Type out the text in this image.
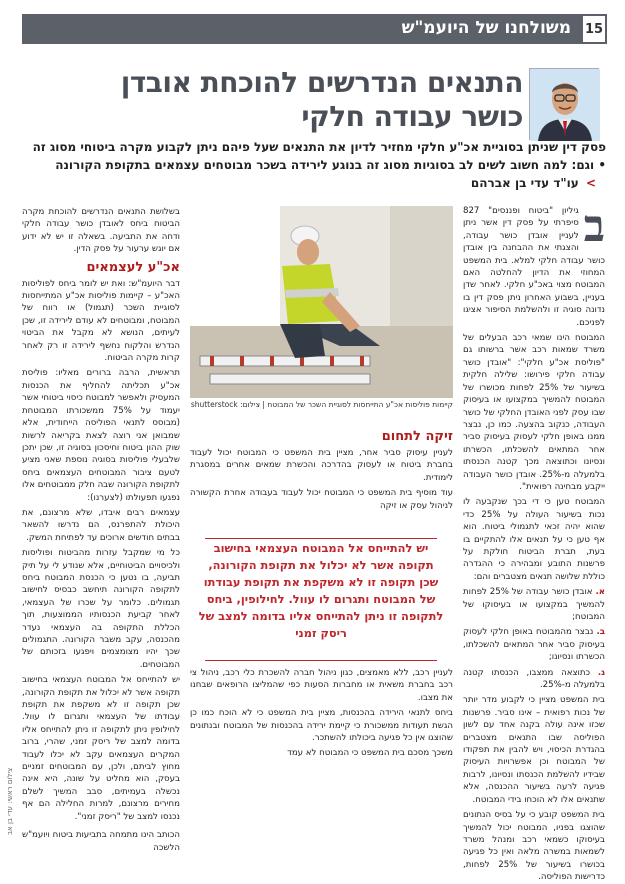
15
משולחנו של היועמ"ש
התנאים הנדרשים להוכחת אובדן כושר עבודה חלקי
פסק דין שניתן בסוגיית אכ"ע חלקי מחזיר לדיון את התנאים שעל פיהם ניתן לקבוע מקרה ביטוחי מסוג זה • וגם: למה חשוב לשים לב בסוגיות מסוג זה בנוגע לירידה בשכר מבוטחים עצמאים בתקופת הקורונה
> עו"ד עדי בן אברהם
ב

גיליון "ביטוח ופננסים" 827 סיפרתי על פסק דין אשר ניתן לעניין אובדן כושר עבודה, והצגתי את ההבחנה בין אובדן כושר עבודה חלקי למלא. בית המשפט המחוזי את הדיון להחלטה האם המבוטח מצוי באכ"ע חלקי. לאחר שדן בעניין, בשבוע האחרון ניתן פסק דין בו נדונה סוגיה זו ולהשלמת הסיפור אציגו לפניכם.

המבוטח הינו שמאי רכב הבעלים של משרד שמאות רכב אשר ברשותו גם "פוליסת אכ"ע חלקי": "אובדן כושר עבודה חלקי פירושו: שלילה חלקית בשיעור של 25% לפחות מכושרו של המבוטח להמשיך במקצועו או בעיסוק שבו עסק לפני האובדן החלקי של כושר העבודה, כנקוב בהצעה. כמו כן, נבצר ממנו באופן חלקי לעסוק בעיסוק סביר אחר המתאים להשכלתו, הכשרתו ונסיונו וכתוצאה מכך קטנה הכנסתו בלמעלה מ-25%. אובדן כושר העבודה ייקבע מבחינה רפואית".

המבוטח טען כי די בכך שנקבעה לו נכות בשיעור העולה על 25% כדי שהוא יהיה זכאי לתגמולי ביטוח. הוא אף טען כי על תנאים אלו להתקיים בו בעת, תברת הביטוח חולקת על פרשנות התובע ומבהירה כי ההגדרה כוללת שלושה תנאים מצטברים והם:

א. אובדן כושר עבודה של 25% לפחות להמשיך במקצועו או בעיסוקו של המבוטח;

ב. נבצר מהמבוטח באופן חלקי לעסוק בעיסוק סביר אחר המתאים להשכלתו, הכשרתו ונסיונו;

ג. כתוצאה ממצבו, הכנסתו קטנה בלמעלה מ-25%.

בית המשפט מציין כי לקבוע מדר יותר של נכות רפואית – אינו סביר. פרשנות שכזו אינה עולה בקנה אחד עם לשון הפוליסה שבו התנאים מצטברים בהגדרת הכיסוי, ויש להבין את תפקודו של המבוטח וכן אפשרויות העיסוק שבידיו להשלמת הכנסתו ונסיונו, לרבות פגיעה לרעה בשיעור ההכנסה, אלא שתנאים אלו לא הוכחו בידי המבוטח.

בית המשפט קובע כי על בסיס הנתונים שהוצגו בפניו, המבוטח יכול להמשיך בעיסוקו כשמאי רכב ומנהל משרד לשמאות במשרה מלאה ואין כל פגיעה בכושרו בשיעור של 25% לפחות, כדרישות הפוליסה.

קיימות פוליסות אכ"ע התייחסות לסוגיית השכר של המבוטח | צילום: shutterstock
זיקה לתחום

לעניין עיסוק סביר אחר, מציין בית המשפט כי המבוטח יכול לעבוד בחברת ביטוח או לעסוק בהדרכה והכשרת שמאים אחרים במסגרת לימודית.

עוד מוסיף בית המשפט כי המבוטח יכול לעבוד בעבודה אחרת הקשורה לניהול עסק או זיקה

יש להתייחס אל המבוטח העצמאי בחישוב תקופה אשר לא יכלול את תקופת הקורונה, שכן תקופה זו לא משקפת את תקופת עבודתו של המבוטח ותגרום לו עוול. לחילופין, ביחס לתקופה זו ניתן להתייחס אליו בדומה למצב של ריסק זמני

לעניין רכב, ללא מאמצים, כגון ניהול חברה להשכרת כלי רכב, ניהול צי רכב בחברת משאית או מחברות הסעות כפי שהמליצו הרופאים שבחנו את מצבו.

ביחס לתנאי הירידה בהכנסות, מציין בית המשפט כי לא הוכח כמו כן הגשת תעודות ממשכורת כי קיימת ירידה בהכנסות של המבוטח ובנתונים שהוצגו אין כל פגיעה ביכולתו להשתכר.

משכך מסכם בית המשפט כי המבוטח לא עמד

בשלושת התנאים הנדרשים להוכחת מקרה הביטוח ביחס לאובדן כושר עבודה חלקי ודחה את התביעה. בשאלה זו יש לא ידוע אם יוגש ערעור על פסק הדין.

אכ"ע לעצמאים

דבר היועמ"ש: ואת יש לומר ביחס לפוליסות האכ"ע – קיימות פוליסות אכ"ע המתייחסות לסוגיית השכר (תגמול) או רווח של המבוטח, ומבוטחים לא עודם לירידה זו, שכן לעיתים, הנושא לא מקבל את הביטוי הנדרש והלקוח נחשף לירידה זו רק לאחר קרות מקרה הביטוח.

תראשית, הרבה ברורים מאליו: פוליסת אכ"ע תכליתה להחליף את הכנסות המעסיק ולאפשר למבוטח כיסוי ביטוחי אשר יעמוד על 75% ממשכורתו המבוטחת (מבוסס לתנאי הפוליסה הייחודית, אלא שמבואן אני רוצה לצאת בקריאה לרשות שוק ההון ביטוח וחיסכון בסוגיה זו, שכן יתכן שלבעלי פוליסות בסוגיה נוספת שאני מציע לטעם ציבור המבוטחים העצמאים ביחס לתקופת הקורונה שבה חלק ממבוטחים אלו נפגעו תפעולתו (לצערנו):

עצמאים רבים איבדו, שלא מרצונם, את היכולת להתפרנס, הם נדרשו להשאר בבתים חודשים ארוכים עד לפתיחת המשק.

כל מי שמקבל עזרות מהביטוח ופוליסות ולכיסויים הביטוחיים, אלא שנודע לי על תיק תביעה, בו נטען כי הכנסת המבוטח ביחס לתקופה הקורונה תיחשב כבסיס לחישוב תגמולים. כלומר על שכרו של העצמאי, לאחר קביעת הכנסותיו הממוצעות, תוך הכללת התקופה בה העצמאי נעדר מהכנסה, עקב משבר הקורונה. התגמולים שכך יהיו מצומצמים ויפגעו בזכותם של המבוטחים.

יש להתייחס אל המבוטח העצמאי בחישוב תקופה אשר לא יכלול את תקופת הקורונה, שכן תקופה זו לא משקפת את תקופת עבודתו של העצמאי ותגרום לו עוול. לחילופין ניתן לתקופה זו ניתן להתייחס אליו בדומה למצב של ריסק זמני, שהרי, ברוב המקרים העצמאים עקב לא יכלו לעבוד מחוץ לביתם, ולכן, עם המבוטחים זמניים בעסק, הוא מחליט על שונה, היא אינה נכשלה בעמיתים, סבב המשיך לשלם מחירים מרצונם, למרות החלילה הם אף נכנסו למצב של "ריסק זמני".

הכותב הינו מתמחה בתביעות ביטוח ויועמ"ש הלשכה

צילום ראשי: עדי בן אב
